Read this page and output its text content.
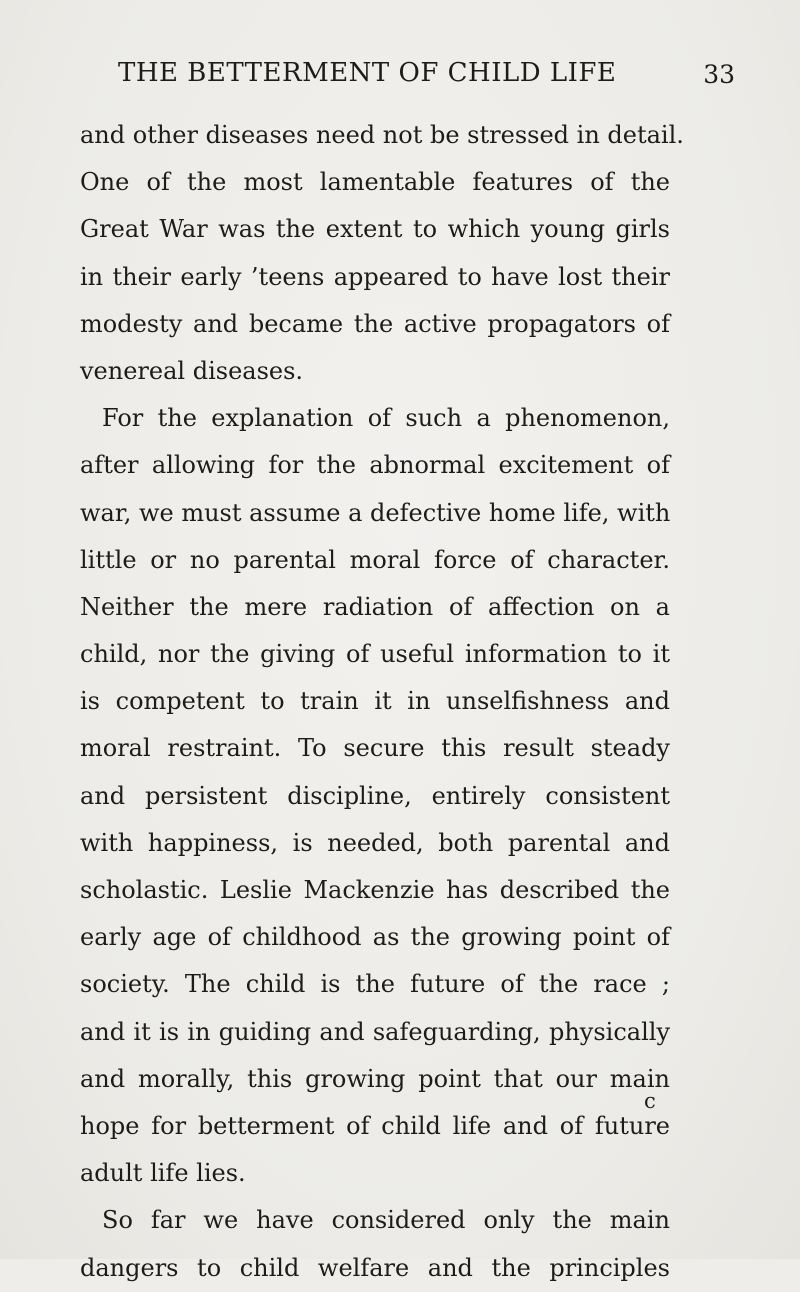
THE BETTERMENT OF CHILD LIFE	33
and other diseases need not be stressed in detail.
One of the most lamentable features of the
Great War was the extent to which young girls
in their early ’teens appeared to have lost their
modesty and became the active propagators of
venereal diseases.
For the explanation of such a phenomenon,
after allowing for the abnormal excitement of
war, we must assume a defective home life, with
little or no parental moral force of character.
Neither the mere radiation of affection on a
child, nor the giving of useful information to it
is competent to train it in unselfishness and
moral restraint. To secure this result steady
and persistent discipline, entirely consistent
with happiness, is needed, both parental and
scholastic. Leslie Mackenzie has described the
early age of childhood as the growing point of
society. The child is the future of the race ;
and it is in guiding and safeguarding, physically
and morally, this growing point that our main
hope for betterment of child life and of future
adult life lies.
So far we have considered only the main
dangers to child welfare and the principles
c
